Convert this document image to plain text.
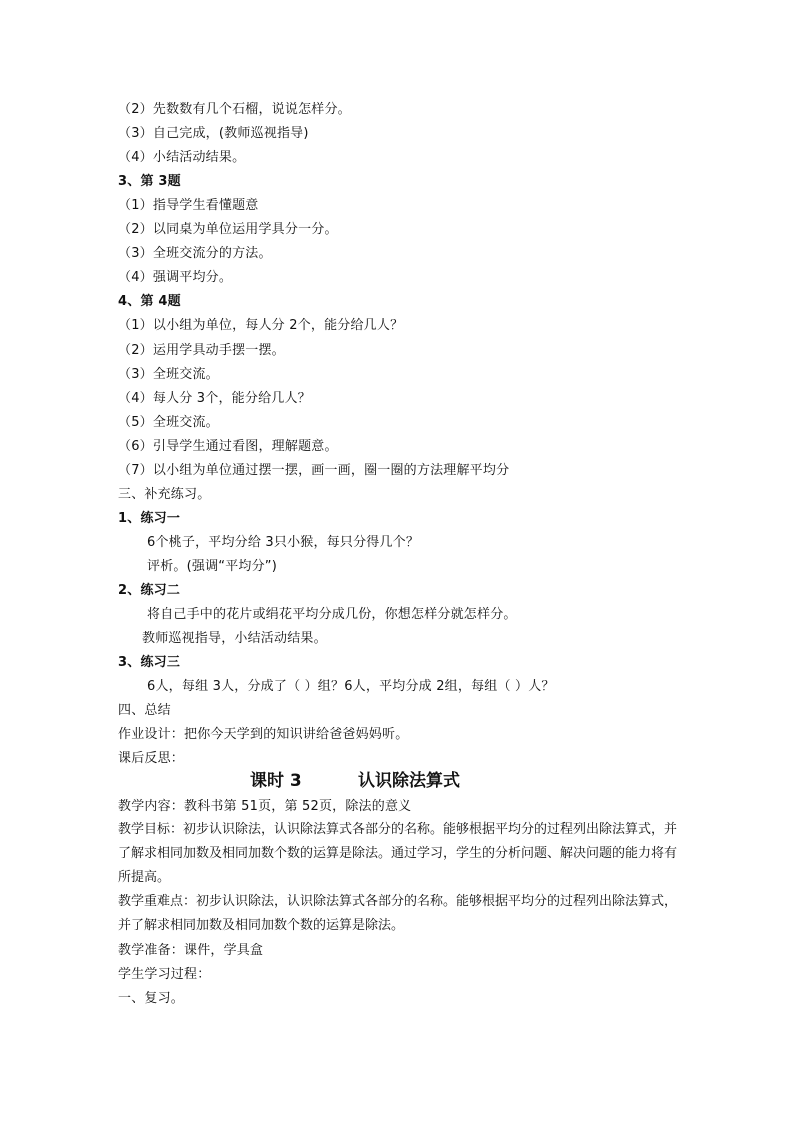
（2）先数数有几个石榴，说说怎样分。
（3）自己完成，(教师巡视指导)
（4）小结活动结果。
3、第 3题
（1）指导学生看懂题意
（2）以同桌为单位运用学具分一分。
（3）全班交流分的方法。
（4）强调平均分。
4、第 4题
（1）以小组为单位，每人分 2个，能分给几人？
（2）运用学具动手摆一摆。
（3）全班交流。
（4）每人分 3个，能分给几人？
（5）全班交流。
（6）引导学生通过看图，理解题意。
（7）以小组为单位通过摆一摆，画一画，圈一圈的方法理解平均分
三、补充练习。
1、练习一
6个桃子，平均分给 3只小猴，每只分得几个？
评析。(强调“平均分”)
2、练习二
将自己手中的花片或绢花平均分成几份，你想怎样分就怎样分。
教师巡视指导，小结活动结果。
3、练习三
6人，每组 3人，分成了（ ）组？6人，平均分成 2组，每组（ ）人？
四、总结
作业设计：把你今天学到的知识讲给爸爸妈妈听。
课后反思：
课时 3	认识除法算式
教学内容：教科书第 51页，第 52页，除法的意义
教学目标：初步认识除法，认识除法算式各部分的名称。能够根据平均分的过程列出除法算式，并了解求相同加数及相同加数个数的运算是除法。通过学习，学生的分析问题、解决问题的能力将有所提高。
教学重难点：初步认识除法，认识除法算式各部分的名称。能够根据平均分的过程列出除法算式，并了解求相同加数及相同加数个数的运算是除法。
教学准备：课件，学具盒
学生学习过程：
一、复习。
